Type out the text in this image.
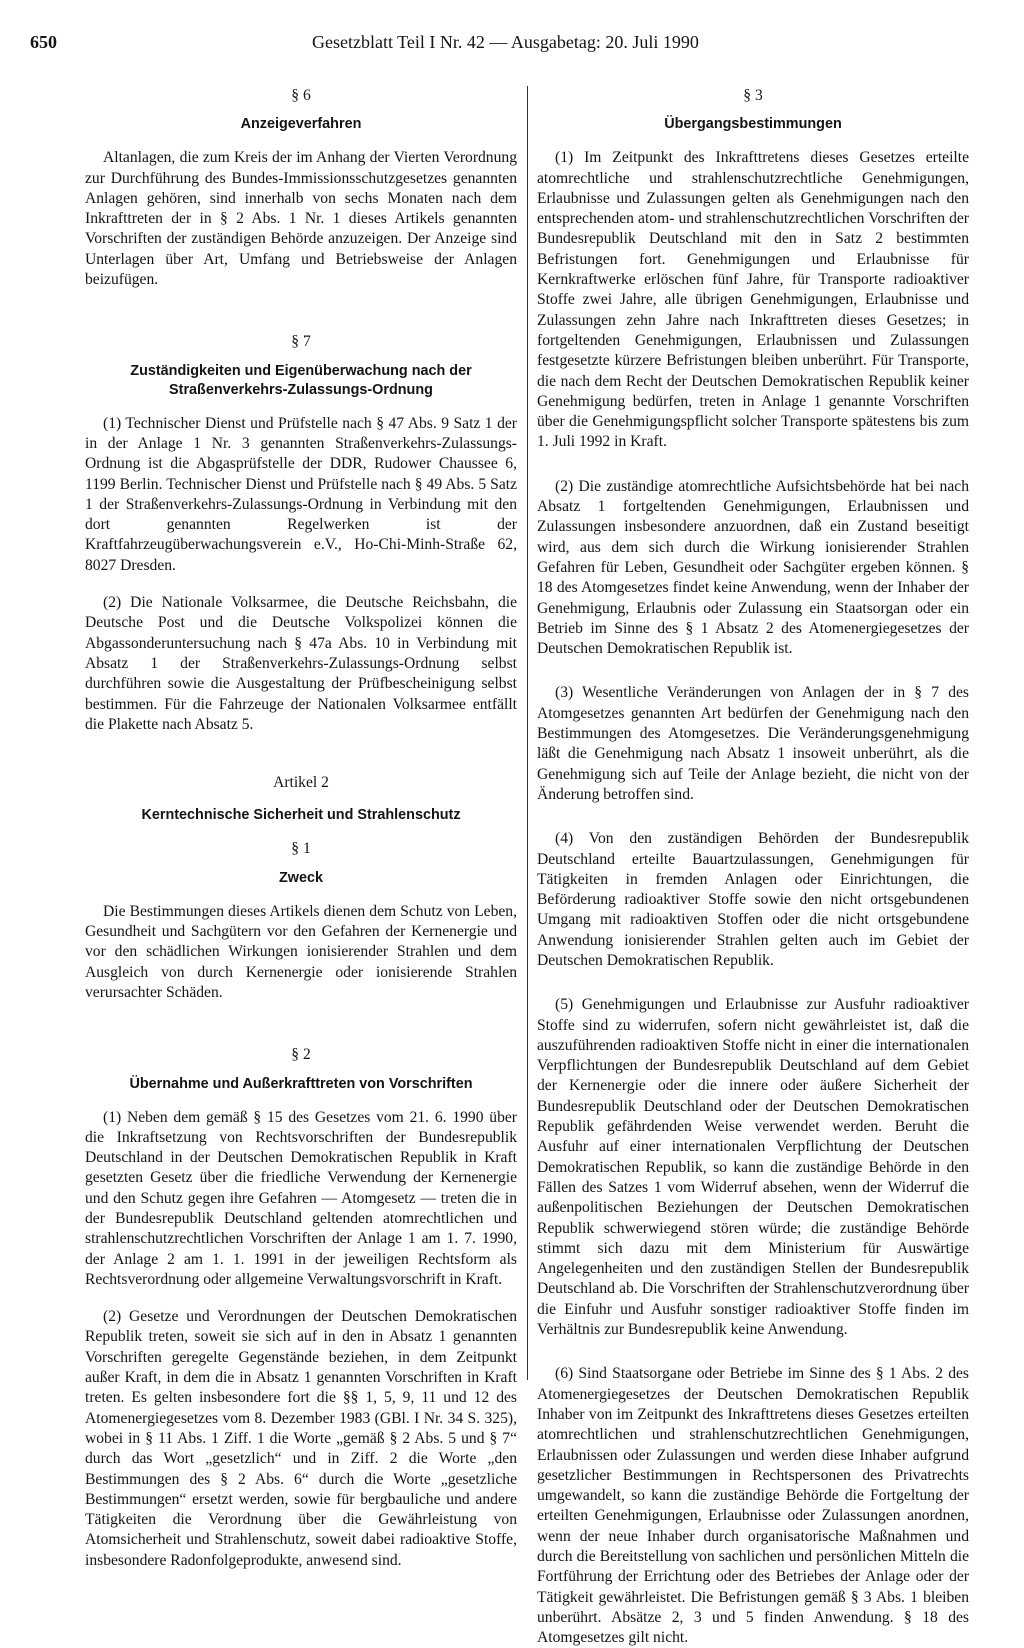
650	Gesetzblatt Teil I Nr. 42 — Ausgabetag: 20. Juli 1990
§ 6
Anzeigeverfahren

Altanlagen, die zum Kreis der im Anhang der Vierten Verordnung zur Durchführung des Bundes-Immissionsschutzgesetzes genannten Anlagen gehören, sind innerhalb von sechs Monaten nach dem Inkrafttreten der in § 2 Abs. 1 Nr. 1 dieses Artikels genannten Vorschriften der zuständigen Behörde anzuzeigen. Der Anzeige sind Unterlagen über Art, Umfang und Betriebsweise der Anlagen beizufügen.

§ 7
Zuständigkeiten und Eigenüberwachung nach der
Straßenverkehrs-Zulassungs-Ordnung

(1) Technischer Dienst und Prüfstelle nach § 47 Abs. 9 Satz 1 der in der Anlage 1 Nr. 3 genannten Straßenverkehrs-Zulassungs-Ordnung ist die Abgasprüfstelle der DDR, Rudower Chaussee 6, 1199 Berlin. Technischer Dienst und Prüfstelle nach § 49 Abs. 5 Satz 1 der Straßenverkehrs-Zulassungs-Ordnung in Verbindung mit den dort genannten Regelwerken ist der Kraftfahrzeugüberwachungsverein e.V., Ho-Chi-Minh-Straße 62, 8027 Dresden.

(2) Die Nationale Volksarmee, die Deutsche Reichsbahn, die Deutsche Post und die Deutsche Volkspolizei können die Abgassonderuntersuchung nach § 47a Abs. 10 in Verbindung mit Absatz 1 der Straßenverkehrs-Zulassungs-Ordnung selbst durchführen sowie die Ausgestaltung der Prüfbescheinigung selbst bestimmen. Für die Fahrzeuge der Nationalen Volksarmee entfällt die Plakette nach Absatz 5.

Artikel 2
Kerntechnische Sicherheit und Strahlenschutz
§ 1
Zweck

Die Bestimmungen dieses Artikels dienen dem Schutz von Leben, Gesundheit und Sachgütern vor den Gefahren der Kernenergie und vor den schädlichen Wirkungen ionisierender Strahlen und dem Ausgleich von durch Kernenergie oder ionisierende Strahlen verursachter Schäden.

§ 2
Übernahme und Außerkrafttreten von Vorschriften

(1) Neben dem gemäß § 15 des Gesetzes vom 21. 6. 1990 über die Inkraftsetzung von Rechtsvorschriften der Bundesrepublik Deutschland in der Deutschen Demokratischen Republik in Kraft gesetzten Gesetz über die friedliche Verwendung der Kernenergie und den Schutz gegen ihre Gefahren — Atomgesetz — treten die in der Bundesrepublik Deutschland geltenden atomrechtlichen und strahlenschutzrechtlichen Vorschriften der Anlage 1 am 1. 7. 1990, der Anlage 2 am 1. 1. 1991 in der jeweiligen Rechtsform als Rechtsverordnung oder allgemeine Verwaltungsvorschrift in Kraft.

(2) Gesetze und Verordnungen der Deutschen Demokratischen Republik treten, soweit sie sich auf in den in Absatz 1 genannten Vorschriften geregelte Gegenstände beziehen, in dem Zeitpunkt außer Kraft, in dem die in Absatz 1 genannten Vorschriften in Kraft treten. Es gelten insbesondere fort die §§ 1, 5, 9, 11 und 12 des Atomenergiegesetzes vom 8. Dezember 1983 (GBl. I Nr. 34 S. 325), wobei in § 11 Abs. 1 Ziff. 1 die Worte „gemäß § 2 Abs. 5 und § 7“ durch das Wort „gesetzlich“ und in Ziff. 2 die Worte „den Bestimmungen des § 2 Abs. 6“ durch die Worte „gesetzliche Bestimmungen“ ersetzt werden, sowie für bergbauliche und andere Tätigkeiten die Verordnung über die Gewährleistung von Atomsicherheit und Strahlenschutz, soweit dabei radioaktive Stoffe, insbesondere Radonfolgeprodukte, anwesend sind.

§ 3
Übergangsbestimmungen

(1) Im Zeitpunkt des Inkrafttretens dieses Gesetzes erteilte atomrechtliche und strahlenschutzrechtliche Genehmigungen, Erlaubnisse und Zulassungen gelten als Genehmigungen nach den entsprechenden atom- und strahlenschutzrechtlichen Vorschriften der Bundesrepublik Deutschland mit den in Satz 2 bestimmten Befristungen fort. Genehmigungen und Erlaubnisse für Kernkraftwerke erlöschen fünf Jahre, für Transporte radioaktiver Stoffe zwei Jahre, alle übrigen Genehmigungen, Erlaubnisse und Zulassungen zehn Jahre nach Inkrafttreten dieses Gesetzes; in fortgeltenden Genehmigungen, Erlaubnissen und Zulassungen festgesetzte kürzere Befristungen bleiben unberührt. Für Transporte, die nach dem Recht der Deutschen Demokratischen Republik keiner Genehmigung bedürfen, treten in Anlage 1 genannte Vorschriften über die Genehmigungspflicht solcher Transporte spätestens bis zum 1. Juli 1992 in Kraft.

(2) Die zuständige atomrechtliche Aufsichtsbehörde hat bei nach Absatz 1 fortgeltenden Genehmigungen, Erlaubnissen und Zulassungen insbesondere anzuordnen, daß ein Zustand beseitigt wird, aus dem sich durch die Wirkung ionisierender Strahlen Gefahren für Leben, Gesundheit oder Sachgüter ergeben können. § 18 des Atomgesetzes findet keine Anwendung, wenn der Inhaber der Genehmigung, Erlaubnis oder Zulassung ein Staatsorgan oder ein Betrieb im Sinne des § 1 Absatz 2 des Atomenergiegesetzes der Deutschen Demokratischen Republik ist.

(3) Wesentliche Veränderungen von Anlagen der in § 7 des Atomgesetzes genannten Art bedürfen der Genehmigung nach den Bestimmungen des Atomgesetzes. Die Veränderungsgenehmigung läßt die Genehmigung nach Absatz 1 insoweit unberührt, als die Genehmigung sich auf Teile der Anlage bezieht, die nicht von der Änderung betroffen sind.

(4) Von den zuständigen Behörden der Bundesrepublik Deutschland erteilte Bauartzulassungen, Genehmigungen für Tätigkeiten in fremden Anlagen oder Einrichtungen, die Beförderung radioaktiver Stoffe sowie den nicht ortsgebundenen Umgang mit radioaktiven Stoffen oder die nicht ortsgebundene Anwendung ionisierender Strahlen gelten auch im Gebiet der Deutschen Demokratischen Republik.

(5) Genehmigungen und Erlaubnisse zur Ausfuhr radioaktiver Stoffe sind zu widerrufen, sofern nicht gewährleistet ist, daß die auszuführenden radioaktiven Stoffe nicht in einer die internationalen Verpflichtungen der Bundesrepublik Deutschland auf dem Gebiet der Kernenergie oder die innere oder äußere Sicherheit der Bundesrepublik Deutschland oder der Deutschen Demokratischen Republik gefährdenden Weise verwendet werden. Beruht die Ausfuhr auf einer internationalen Verpflichtung der Deutschen Demokratischen Republik, so kann die zuständige Behörde in den Fällen des Satzes 1 vom Widerruf absehen, wenn der Widerruf die außenpolitischen Beziehungen der Deutschen Demokratischen Republik schwerwiegend stören würde; die zuständige Behörde stimmt sich dazu mit dem Ministerium für Auswärtige Angelegenheiten und den zuständigen Stellen der Bundesrepublik Deutschland ab. Die Vorschriften der Strahlenschutzverordnung über die Einfuhr und Ausfuhr sonstiger radioaktiver Stoffe finden im Verhältnis zur Bundesrepublik keine Anwendung.

(6) Sind Staatsorgane oder Betriebe im Sinne des § 1 Abs. 2 des Atomenergiegesetzes der Deutschen Demokratischen Republik Inhaber von im Zeitpunkt des Inkrafttretens dieses Gesetzes erteilten atomrechtlichen und strahlenschutzrechtlichen Genehmigungen, Erlaubnissen oder Zulassungen und werden diese Inhaber aufgrund gesetzlicher Bestimmungen in Rechtspersonen des Privatrechts umgewandelt, so kann die zuständige Behörde die Fortgeltung der erteilten Genehmigungen, Erlaubnisse oder Zulassungen anordnen, wenn der neue Inhaber durch organisatorische Maßnahmen und durch die Bereitstellung von sachlichen und persönlichen Mitteln die Fortführung der Errichtung oder des Betriebes der Anlage oder der Tätigkeit gewährleistet. Die Befristungen gemäß § 3 Abs. 1 bleiben unberührt. Absätze 2, 3 und 5 finden Anwendung. § 18 des Atomgesetzes gilt nicht.
